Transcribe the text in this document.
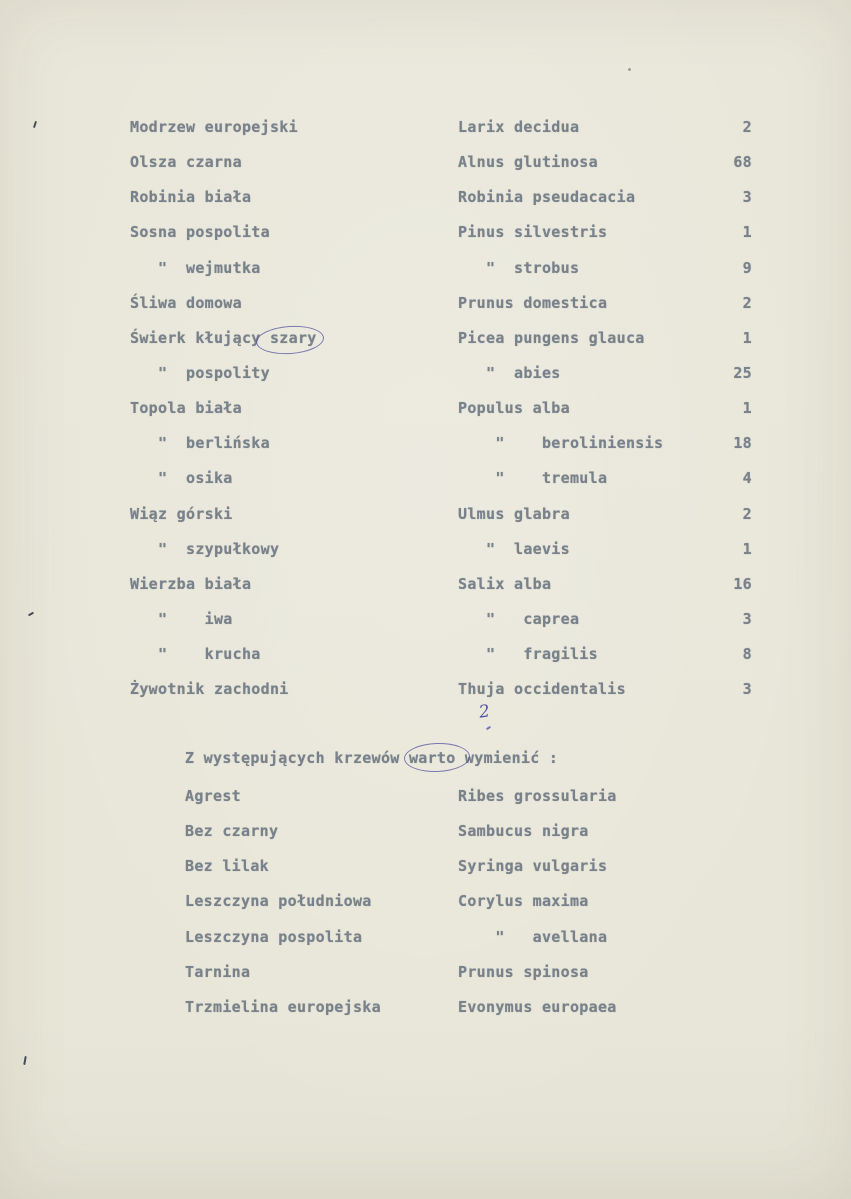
Modrzew europejski	Larix decidua	2
Olsza czarna	Alnus glutinosa	68
Robinia biała	Robinia pseudacacia	3
Sosna pospolita	Pinus silvestris	1
"  wejmutka	"  strobus	9
Śliwa domowa	Prunus domestica	2
Świerk kłujący szary	Picea pungens glauca	1
"  pospolity	"  abies	25
Topola biała	Populus alba	1
"  berlińska	"    beroliniensis	18
"  osika	"    tremula	4
Wiąz górski	Ulmus glabra	2
"  szypułkowy	"  laevis	1
Wierzba biała	Salix alba	16
"    iwa	"   caprea	3
"    krucha	"   fragilis	8
Żywotnik zachodni	Thuja occidentalis	3
Z występujących krzewów warto wymienić :
Agrest	Ribes grossularia
Bez czarny	Sambucus nigra
Bez lilak	Syringa vulgaris
Leszczyna południowa	Corylus maxima
Leszczyna pospolita	"   avellana
Tarnina	Prunus spinosa
Trzmielina europejska	Evonymus europaea
2
